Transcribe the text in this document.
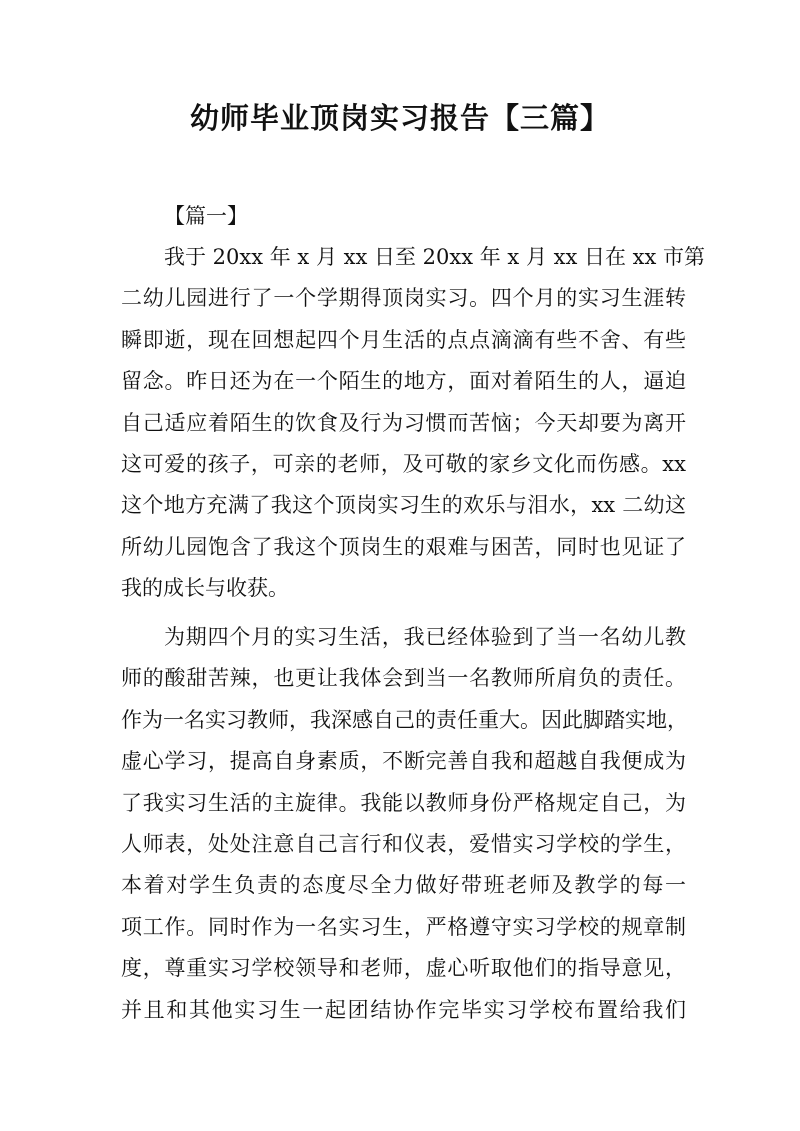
幼师毕业顶岗实习报告【三篇】
【篇一】
我于 20xx 年 x 月 xx 日至 20xx 年 x 月 xx 日在 xx 市第
二幼儿园进行了一个学期得顶岗实习。四个月的实习生涯转
瞬即逝，现在回想起四个月生活的点点滴滴有些不舍、有些
留念。昨日还为在一个陌生的地方，面对着陌生的人，逼迫
自己适应着陌生的饮食及行为习惯而苦恼；今天却要为离开
这可爱的孩子，可亲的老师，及可敬的家乡文化而伤感。xx
这个地方充满了我这个顶岗实习生的欢乐与泪水，xx 二幼这
所幼儿园饱含了我这个顶岗生的艰难与困苦，同时也见证了
我的成长与收获。
为期四个月的实习生活，我已经体验到了当一名幼儿教
师的酸甜苦辣，也更让我体会到当一名教师所肩负的责任。
作为一名实习教师，我深感自己的责任重大。因此脚踏实地，
虚心学习，提高自身素质，不断完善自我和超越自我便成为
了我实习生活的主旋律。我能以教师身份严格规定自己，为
人师表，处处注意自己言行和仪表，爱惜实习学校的学生，
本着对学生负责的态度尽全力做好带班老师及教学的每一
项工作。同时作为一名实习生，严格遵守实习学校的规章制
度，尊重实习学校领导和老师，虚心听取他们的指导意见，
并且和其他实习生一起团结协作完毕实习学校布置给我们
